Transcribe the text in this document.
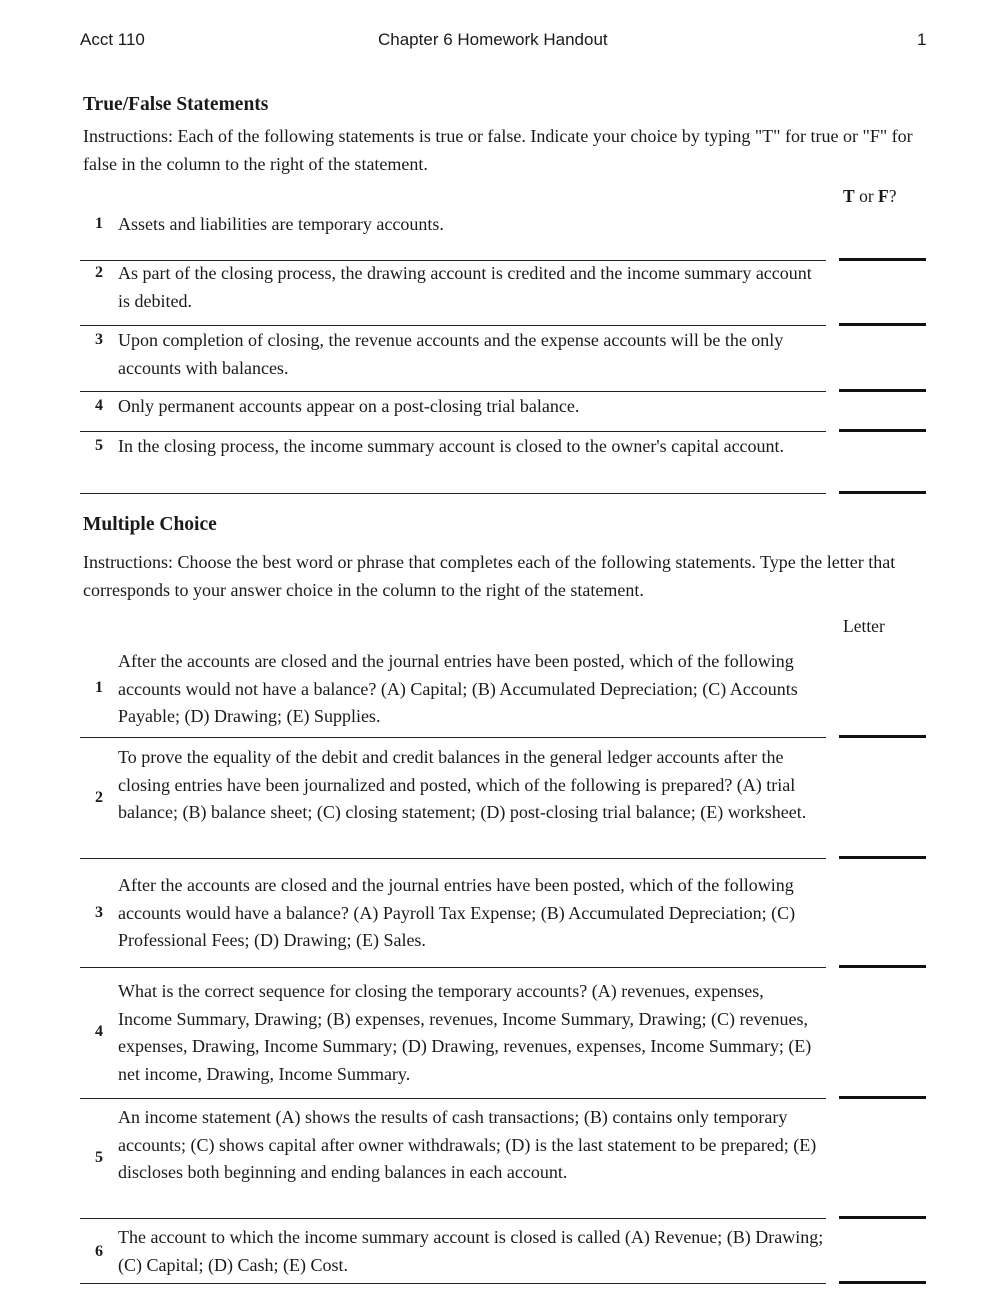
Acct 110	Chapter 6 Homework Handout	1
True/False Statements
Instructions: Each of the following statements is true or false. Indicate your choice by typing "T" for true or "F" for false in the column to the right of the statement.
T or F?
1 Assets and liabilities are temporary accounts.
2 As part of the closing process, the drawing account is credited and the income summary account is debited.
3 Upon completion of closing, the revenue accounts and the expense accounts will be the only accounts with balances.
4 Only permanent accounts appear on a post-closing trial balance.
5 In the closing process, the income summary account is closed to the owner's capital account.
Multiple Choice
Instructions: Choose the best word or phrase that completes each of the following statements. Type the letter that corresponds to your answer choice in the column to the right of the statement.
Letter
1
After the accounts are closed and the journal entries have been posted, which of the following accounts would not have a balance? (A) Capital; (B) Accumulated Depreciation; (C) Accounts Payable; (D) Drawing; (E) Supplies.
2
To prove the equality of the debit and credit balances in the general ledger accounts after the closing entries have been journalized and posted, which of the following is prepared? (A) trial balance; (B) balance sheet; (C) closing statement; (D) post-closing trial balance; (E) worksheet.
3
After the accounts are closed and the journal entries have been posted, which of the following accounts would have a balance? (A) Payroll Tax Expense; (B) Accumulated Depreciation; (C) Professional Fees; (D) Drawing; (E) Sales.
4
What is the correct sequence for closing the temporary accounts? (A) revenues, expenses, Income Summary, Drawing; (B) expenses, revenues, Income Summary, Drawing; (C) revenues, expenses, Drawing, Income Summary; (D) Drawing, revenues, expenses, Income Summary; (E) net income, Drawing, Income Summary.
5
An income statement (A) shows the results of cash transactions; (B) contains only temporary accounts; (C) shows capital after owner withdrawals; (D) is the last statement to be prepared; (E) discloses both beginning and ending balances in each account.
6
The account to which the income summary account is closed is called (A) Revenue; (B) Drawing; (C) Capital; (D) Cash; (E) Cost.
